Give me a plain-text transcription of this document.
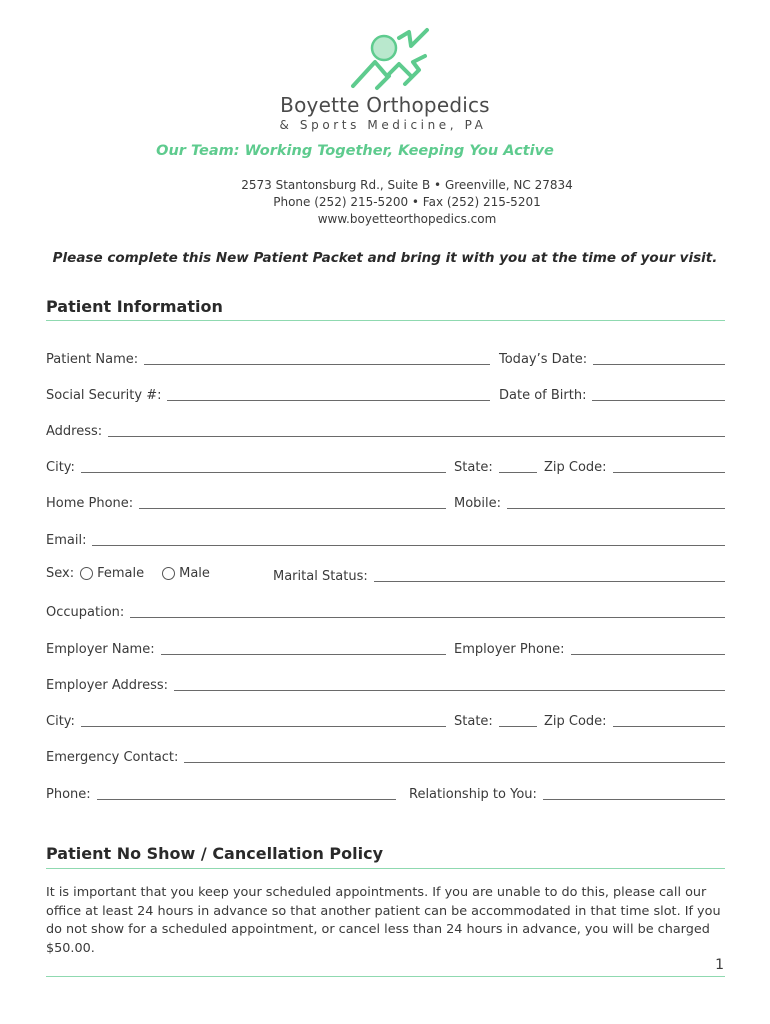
Boyette Orthopedics
& Sports Medicine, PA
Our Team: Working Together, Keeping You Active
2573 Stantonsburg Rd., Suite B • Greenville, NC 27834
Phone (252) 215-5200 • Fax (252) 215-5201
www.boyetteorthopedics.com
Please complete this New Patient Packet and bring it with you at the time of your visit.
Patient Information
Patient Name:	Today’s Date:
Social Security #:	Date of Birth:
Address:
City:	State:	Zip Code:
Home Phone:	Mobile:
Email:
Sex: Female	Male	Marital Status:
Occupation:
Employer Name:	Employer Phone:
Employer Address:
City:	State:	Zip Code:
Emergency Contact:
Phone:	Relationship to You:
Patient No Show / Cancellation Policy
It is important that you keep your scheduled appointments. If you are unable to do this, please call our office at least 24 hours in advance so that another patient can be accommodated in that time slot. If you do not show for a scheduled appointment, or cancel less than 24 hours in advance, you will be charged $50.00.
1
